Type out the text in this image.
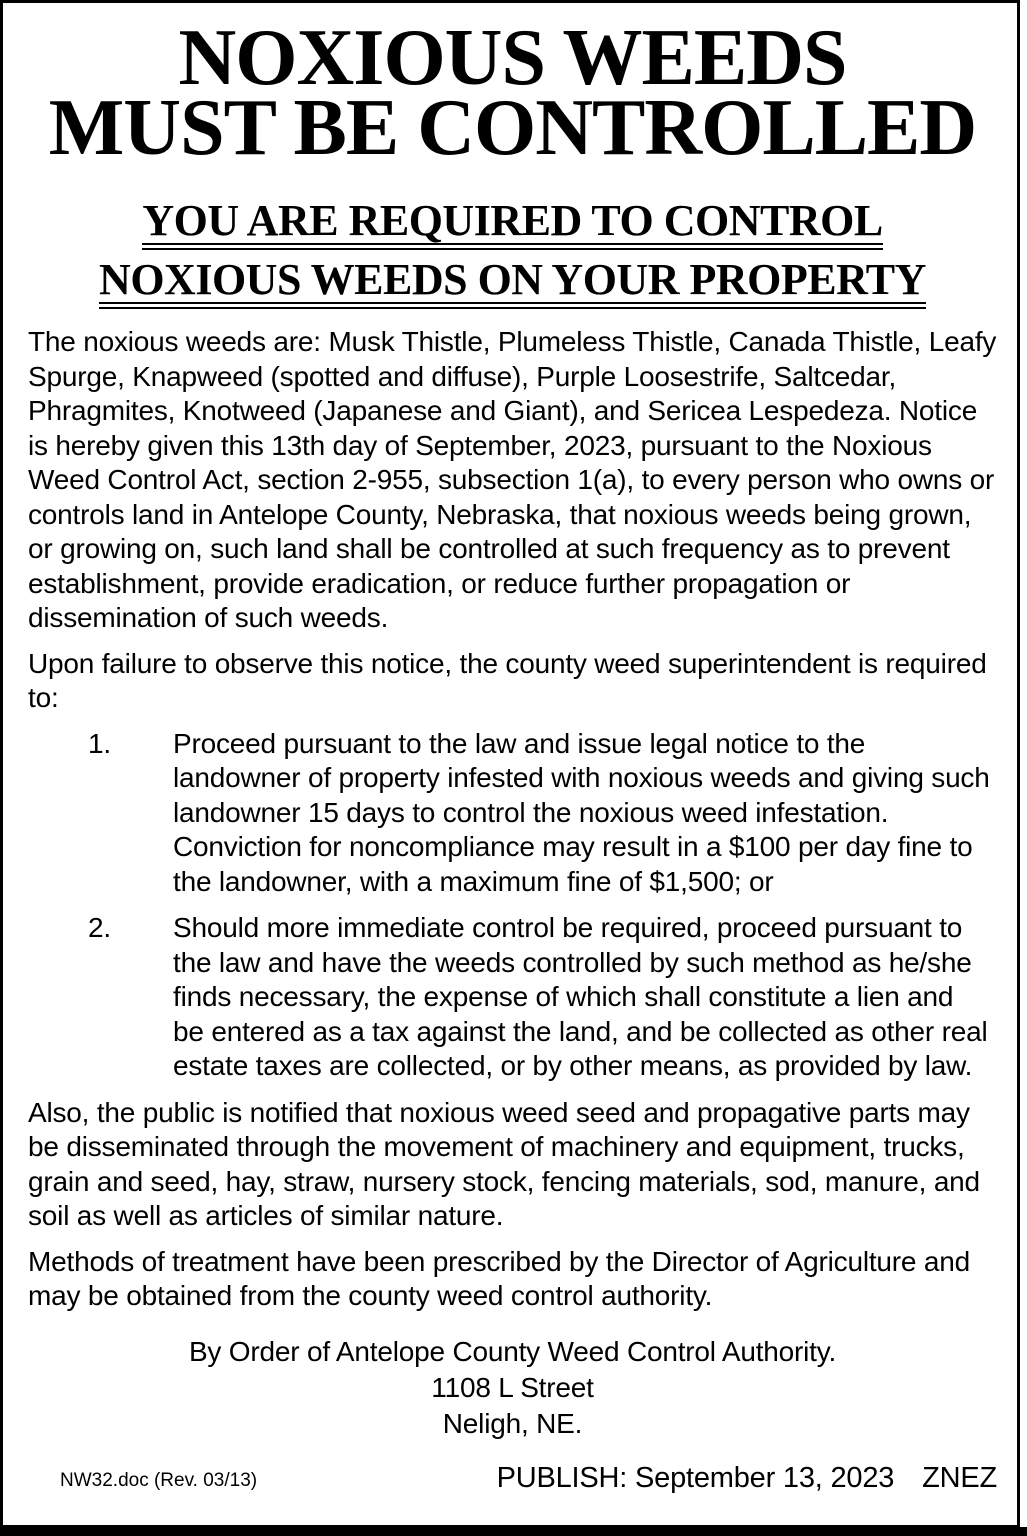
NOXIOUS WEEDS
MUST BE CONTROLLED
YOU ARE REQUIRED TO CONTROL
NOXIOUS WEEDS ON YOUR PROPERTY

The noxious weeds are: Musk Thistle, Plumeless Thistle, Canada Thistle, Leafy Spurge, Knapweed (spotted and diffuse), Purple Loosestrife, Saltcedar, Phragmites, Knotweed (Japanese and Giant), and Sericea Lespedeza. Notice is hereby given this 13th day of September, 2023, pursuant to the Noxious Weed Control Act, section 2-955, subsection 1(a), to every person who owns or controls land in Antelope County, Nebraska, that noxious weeds being grown, or growing on, such land shall be controlled at such frequency as to prevent establishment, provide eradication, or reduce further propagation or dissemination of such weeds.

Upon failure to observe this notice, the county weed superintendent is required to:

1.	Proceed pursuant to the law and issue legal notice to the landowner of property infested with noxious weeds and giving such landowner 15 days to control the noxious weed infestation. Conviction for noncompliance may result in a $100 per day fine to the landowner, with a maximum fine of $1,500; or
2.	Should more immediate control be required, proceed pursuant to the law and have the weeds controlled by such method as he/she finds necessary, the expense of which shall constitute a lien and be entered as a tax against the land, and be collected as other real estate taxes are collected, or by other means, as provided by law.

Also, the public is notified that noxious weed seed and propagative parts may be disseminated through the movement of machinery and equipment, trucks, grain and seed, hay, straw, nursery stock, fencing materials, sod, manure, and soil as well as articles of similar nature.

Methods of treatment have been prescribed by the Director of Agriculture and may be obtained from the county weed control authority.

By Order of Antelope County Weed Control Authority.
1108 L Street
Neligh, NE.
NW32.doc (Rev. 03/13)	PUBLISH: September 13, 2023 ZNEZ
